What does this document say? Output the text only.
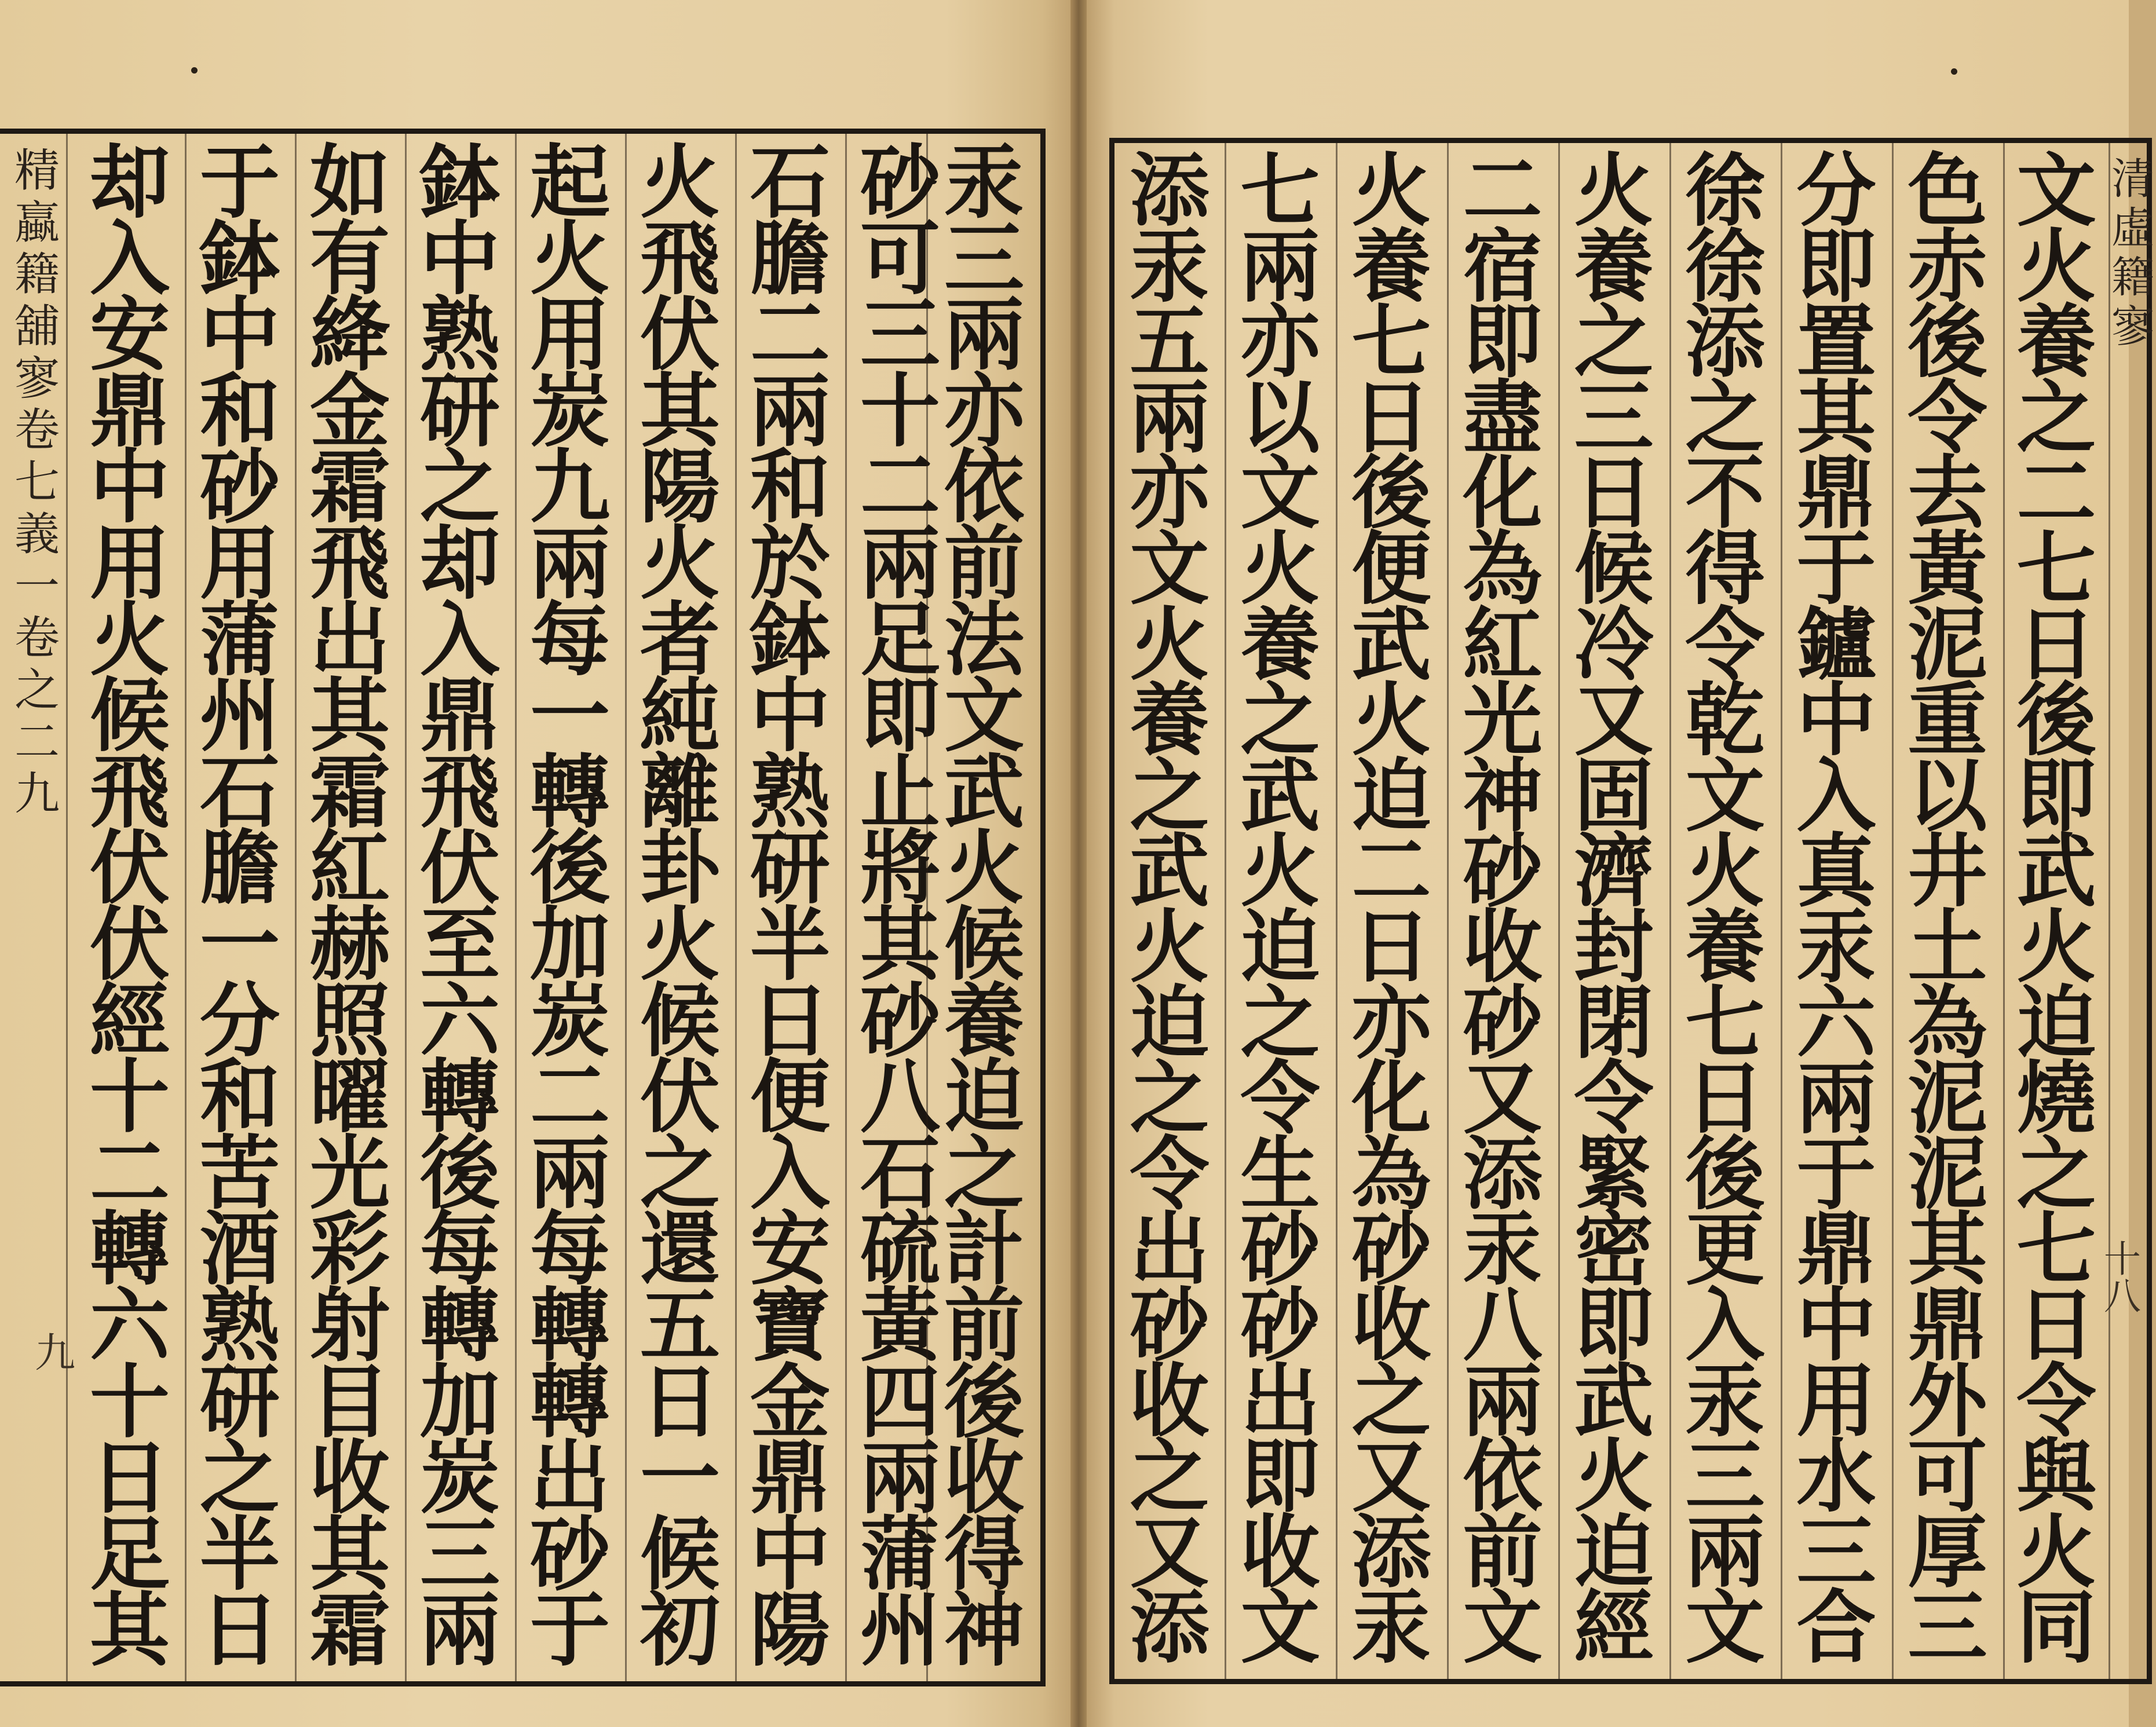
精
蠃
籍
舖
寥
卷
七
義
一
卷
之
二
九
却
入
安
鼎
中
用
火
候
飛
伏
伏
經
十
二
轉
六
十
日
足
其
于
鉢
中
和
砂
用
蒲
州
石
膽
一
分
和
苦
酒
熟
研
之
半
日
如
有
絳
金
霜
飛
出
其
霜
紅
赫
照
曜
光
彩
射
目
收
其
霜
鉢
中
熟
研
之
却
入
鼎
飛
伏
至
六
轉
後
每
轉
加
炭
三
兩
起
火
用
炭
九
兩
每
一
轉
後
加
炭
二
兩
每
轉
轉
出
砂
于
火
飛
伏
其
陽
火
者
純
離
卦
火
候
伏
之
還
五
日
一
候
初
石
膽
二
兩
和
於
鉢
中
熟
研
半
日
便
入
安
寶
金
鼎
中
陽
砂
可
三
十
二
兩
足
即
止
將
其
砂
八
石
硫
黃
四
兩
蒲
州
汞
三
兩
亦
依
前
法
文
武
火
候
養
迫
之
計
前
後
收
得
神
添
汞
五
兩
亦
文
火
養
之
武
火
迫
之
令
出
砂
收
之
又
添
七
兩
亦
以
文
火
養
之
武
火
迫
之
令
生
砂
砂
出
即
收
文
火
養
七
日
後
便
武
火
迫
二
日
亦
化
為
砂
收
之
又
添
汞
二
宿
即
盡
化
為
紅
光
神
砂
收
砂
又
添
汞
八
兩
依
前
文
火
養
之
三
日
候
冷
又
固
濟
封
閉
令
緊
密
即
武
火
迫
經
徐
徐
添
之
不
得
令
乾
文
火
養
七
日
後
更
入
汞
三
兩
文
分
即
置
其
鼎
于
鑪
中
入
真
汞
六
兩
于
鼎
中
用
水
三
合
色
赤
後
令
去
黃
泥
重
以
井
土
為
泥
泥
其
鼎
外
可
厚
三
文
火
養
之
二
七
日
後
即
武
火
迫
燒
之
七
日
令
與
火
同
清
虛
籍
寥
九
十八
